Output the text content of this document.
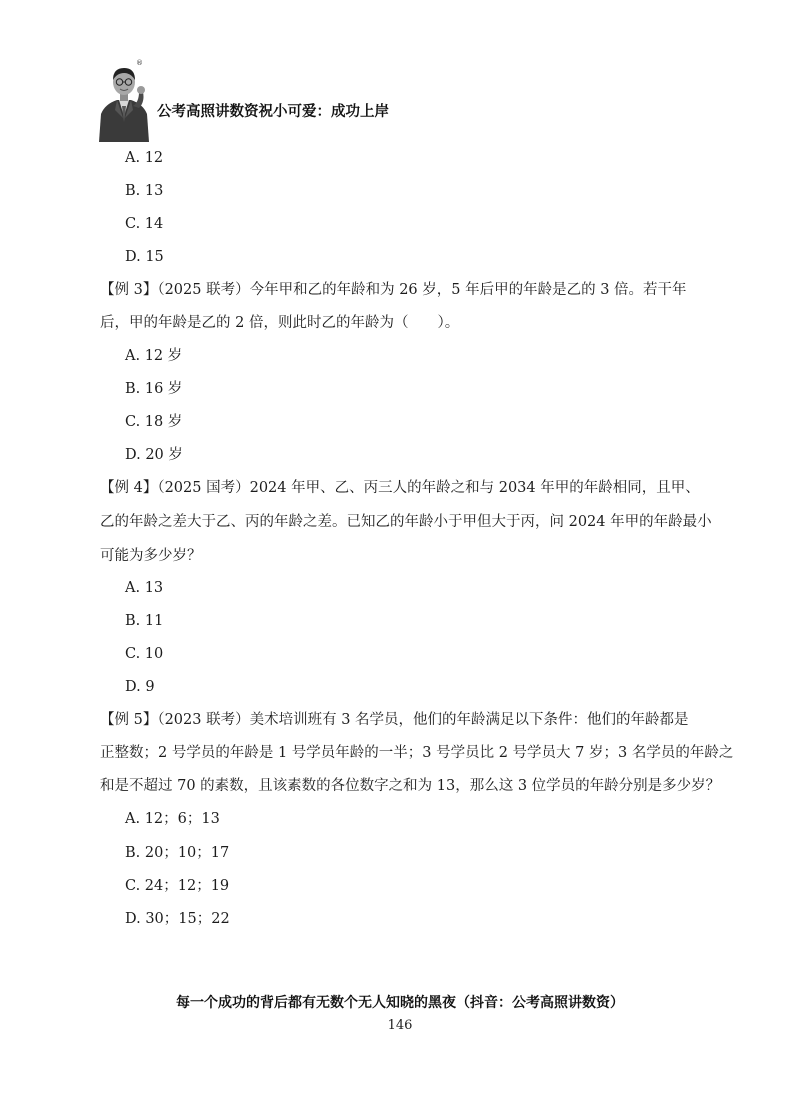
®
公考高照讲数资祝小可爱：成功上岸
A. 12
B. 13
C. 14
D. 15
【例 3】（2025 联考）今年甲和乙的年龄和为 26 岁，5 年后甲的年龄是乙的 3 倍。若干年
后，甲的年龄是乙的 2 倍，则此时乙的年龄为（　　）。
A. 12 岁
B. 16 岁
C. 18 岁
D. 20 岁
【例 4】（2025 国考）2024 年甲、乙、丙三人的年龄之和与 2034 年甲的年龄相同，且甲、
乙的年龄之差大于乙、丙的年龄之差。已知乙的年龄小于甲但大于丙，问 2024 年甲的年龄最小
可能为多少岁？
A. 13
B. 11
C. 10
D. 9
【例 5】（2023 联考）美术培训班有 3 名学员，他们的年龄满足以下条件：他们的年龄都是
正整数；2 号学员的年龄是 1 号学员年龄的一半；3 号学员比 2 号学员大 7 岁；3 名学员的年龄之
和是不超过 70 的素数，且该素数的各位数字之和为 13，那么这 3 位学员的年龄分别是多少岁？
A. 12；6；13
B. 20；10；17
C. 24；12；19
D. 30；15；22
每一个成功的背后都有无数个无人知晓的黑夜（抖音：公考高照讲数资）
146
